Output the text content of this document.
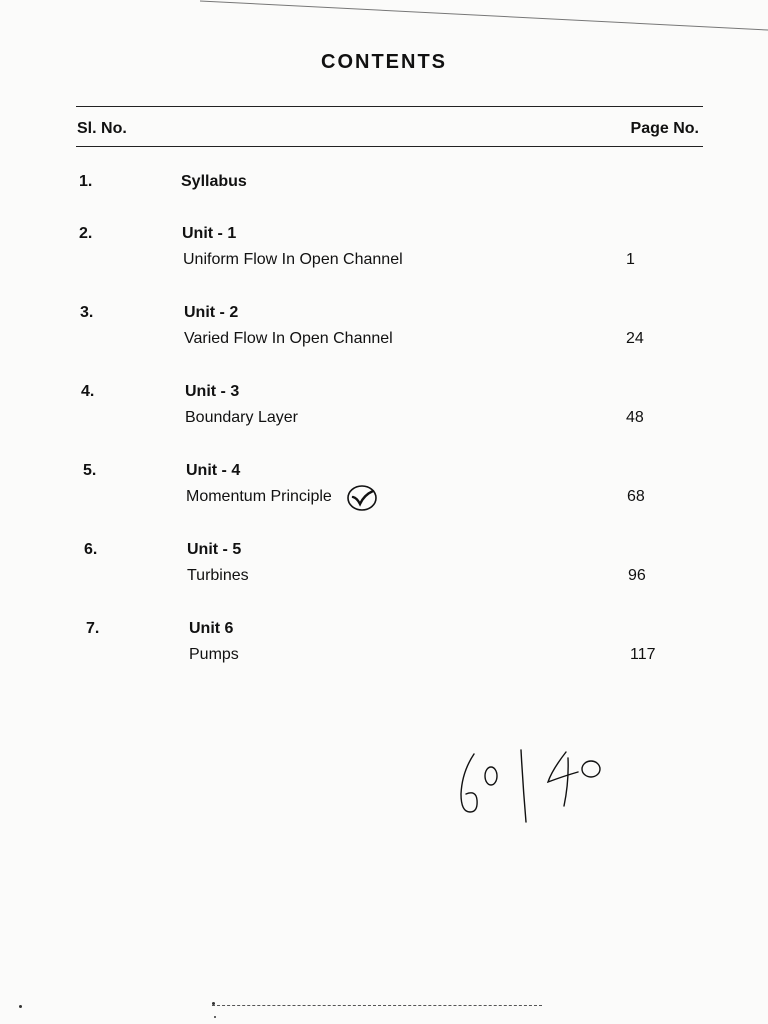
CONTENTS
Sl. No.	Page No.
1.	Syllabus
2.	Unit - 1
Uniform Flow In Open Channel	1
3.	Unit - 2
Varied Flow In Open Channel	24
4.	Unit - 3
Boundary Layer	48
5.	Unit - 4
Momentum Principle	68
6.	Unit - 5
Turbines	96
7.	Unit 6
Pumps	117
